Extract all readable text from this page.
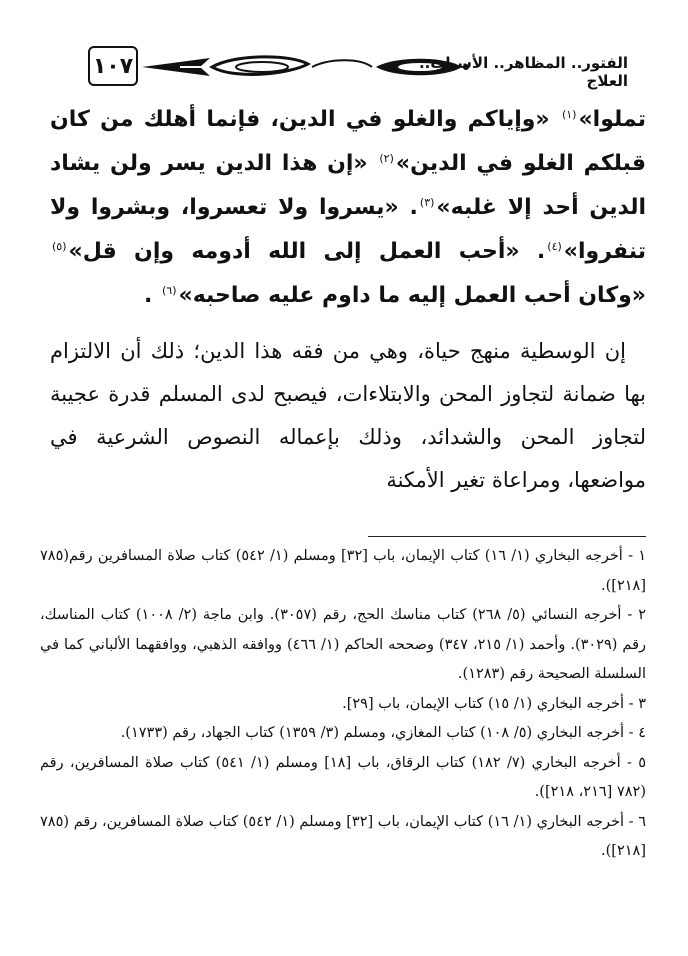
١٠٧	الفتور.. المظاهر.. الأسباب.. العلاج

تملوا»$^{(١)}$ «وإياكم والغلو في الدين، فإنما أهلك من كان قبلكم الغلو في الدين»$^{(٢)}$ «إن هذا الدين يسر ولن يشاد الدين أحد إلا غلبه»$^{(٣)}$. «يسروا ولا تعسروا، وبشروا ولا تنفروا»$^{(٤)}$. «أحب العمل إلى الله أدومه وإن قل»$^{(٥)}$ «وكان أحب العمل إليه ما داوم عليه صاحبه»$^{(٦)}$ .

إن الوسطية منهج حياة، وهي من فقه هذا الدين؛ ذلك أن الالتزام بها ضمانة لتجاوز المحن والابتلاءات، فيصبح لدى المسلم قدرة عجيبة لتجاوز المحن والشدائد، وذلك بإعماله النصوص الشرعية في مواضعها، ومراعاة تغير الأمكنة

١ - أخرجه البخاري (١/ ١٦) كتاب الإيمان، باب [٣٢] ومسلم (١/ ٥٤٢) كتاب صلاة المسافرين رقم(٧٨٥ [٢١٨]).

٢ - أخرجه النسائي (٥/ ٢٦٨) كتاب مناسك الحج، رقم (٣٠٥٧). وابن ماجة (٢/ ١٠٠٨) كتاب المناسك، رقم (٣٠٢٩). وأحمد (١/ ٢١٥، ٣٤٧) وصححه الحاكم (١/ ٤٦٦) ووافقه الذهبي، ووافقهما الألباني كما في السلسلة الصحيحة رقم (١٢٨٣).

٣ - أخرجه البخاري (١/ ١٥) كتاب الإيمان، باب [٢٩].

٤ - أخرجه البخاري (٥/ ١٠٨) كتاب المغازي، ومسلم (٣/ ١٣٥٩) كتاب الجهاد، رقم (١٧٣٣).

٥ - أخرجه البخاري (٧/ ١٨٢) كتاب الرقاق، باب [١٨] ومسلم (١/ ٥٤١) كتاب صلاة المسافرين، رقم (٧٨٢ [٢١٦، ٢١٨]).

٦ - أخرجه البخاري (١/ ١٦) كتاب الإيمان، باب [٣٢] ومسلم (١/ ٥٤٢) كتاب صلاة المسافرين، رقم (٧٨٥ [٢١٨]).
